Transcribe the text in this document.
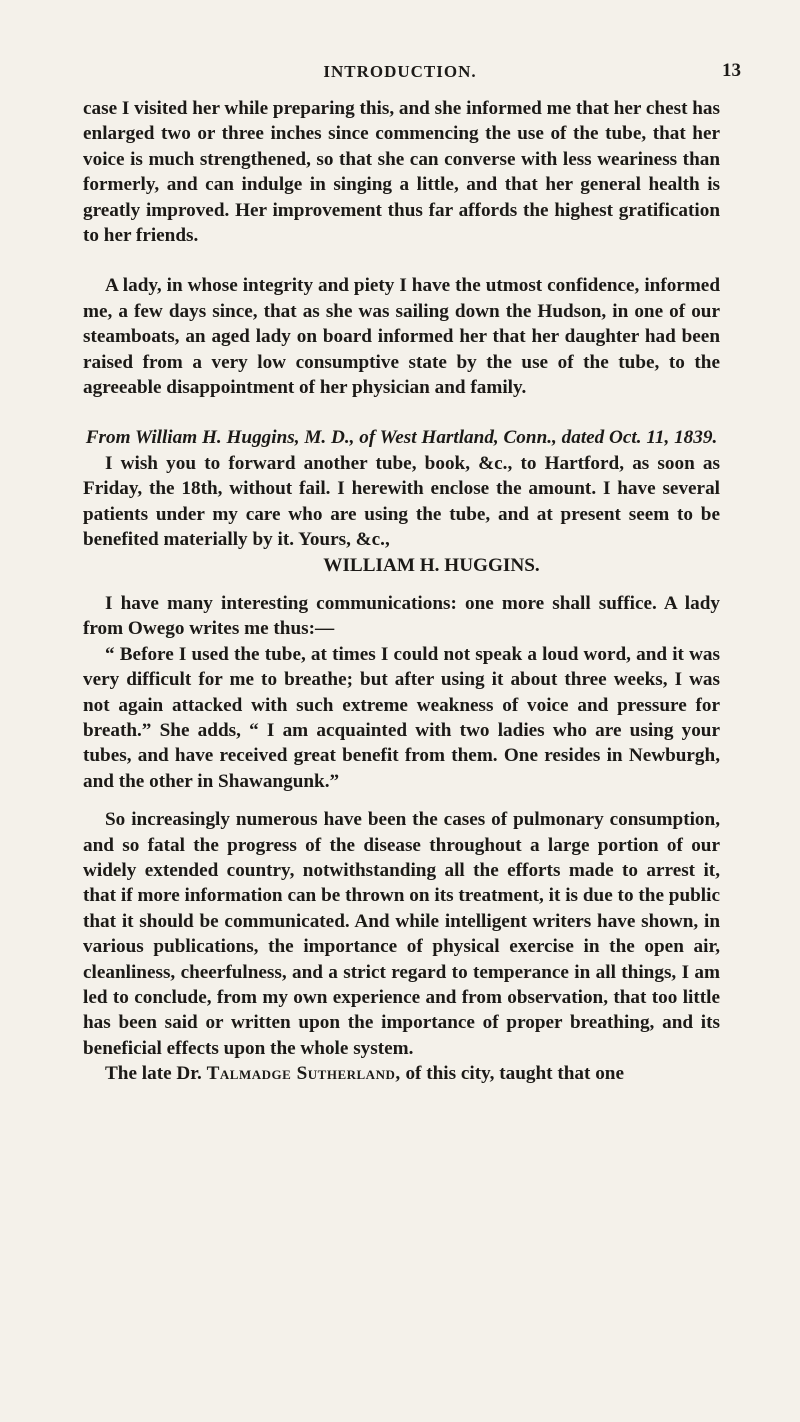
INTRODUCTION.	13

case I visited her while preparing this, and she informed me that her chest has enlarged two or three inches since commencing the use of the tube, that her voice is much strengthened, so that she can converse with less weariness than formerly, and can indulge in singing a little, and that her general health is greatly improved. Her improvement thus far affords the highest gratification to her friends.

A lady, in whose integrity and piety I have the utmost confidence, informed me, a few days since, that as she was sailing down the Hudson, in one of our steamboats, an aged lady on board informed her that her daughter had been raised from a very low consumptive state by the use of the tube, to the agreeable disappointment of her physician and family.

From William H. Huggins, M. D., of West Hartland, Conn., dated Oct. 11, 1839.

I wish you to forward another tube, book, &c., to Hartford, as soon as Friday, the 18th, without fail. I herewith enclose the amount. I have several patients under my care who are using the tube, and at present seem to be benefited materially by it. Yours, &c.,

WILLIAM H. HUGGINS.

I have many interesting communications: one more shall suffice. A lady from Owego writes me thus:—

“ Before I used the tube, at times I could not speak a loud word, and it was very difficult for me to breathe; but after using it about three weeks, I was not again attacked with such extreme weakness of voice and pressure for breath.” She adds, “ I am acquainted with two ladies who are using your tubes, and have received great benefit from them. One resides in Newburgh, and the other in Shawangunk.”

So increasingly numerous have been the cases of pulmonary consumption, and so fatal the progress of the disease throughout a large portion of our widely extended country, notwithstanding all the efforts made to arrest it, that if more information can be thrown on its treatment, it is due to the public that it should be communicated. And while intelligent writers have shown, in various publications, the importance of physical exercise in the open air, cleanliness, cheerfulness, and a strict regard to temperance in all things, I am led to conclude, from my own experience and from observation, that too little has been said or written upon the importance of proper breathing, and its beneficial effects upon the whole system.

The late Dr. Talmadge Sutherland, of this city, taught that one
